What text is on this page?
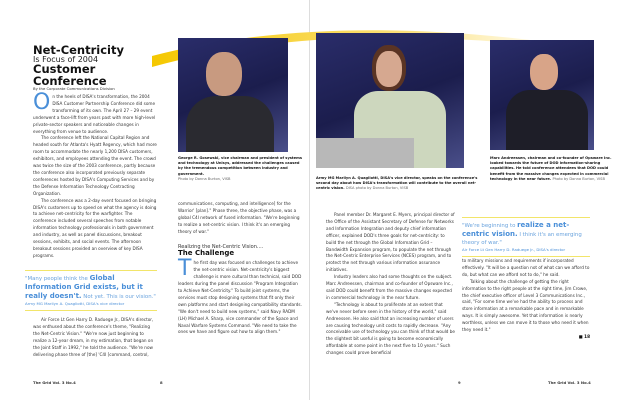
Net-Centricity
Is Focus of 2004
Customer Conference
By the Corporate Communications Division

On the heels of DISA's transformation, the 2004 DISA Customer Partnership Conference did some transforming of its own. The April 27 – 29 event underwent a face-lift from years past with more high-level private-sector speakers and noticeable changes in everything from venue to audience.

The conference left the National Capital Region and headed south for Atlanta's Hyatt Regency, which had more room to accommodate the nearly 1,200 DISA customers, exhibitors, and employees attending the event. The crowd was twice the size of the 2003 conference, partly because the conference also incorporated previously separate conferences hosted by DISA's Computing Services and by the Defense Information Technology Contracting Organization.

The conference was a 2-day event focused on bringing DISA's customers up to speed on what the agency is doing to achieve net-centricity for the warfighter. The conference included several speeches from notable information technology professionals in both government and industry, as well as panel discussions, breakout sessions, exhibits, and social events. The afternoon breakout sessions provided an overview of key DISA programs.

"Many people think the Global Information Grid exists, but it really doesn't. Not yet. This is our vision."
Army MG Marilyn A. Quagliotti, DISA's vice director

Air Force Lt Gen Harry D. Raduege Jr., DISA's director, was enthused about the conference's theme, "Realizing the Net-Centric Vision." "We're now just beginning to realize a 12-year dream, in my estimation, that began on the Joint Staff in 1992," he told the audience. "We're now delivering phase three of [the] 'C4I [command, control,

George R. Gosewski, vice chairman and president of systems and technology at Unisys, addressed the challenges caused by the tremendous competition between industry and government.
Photo by Donna Burton, VISB

communications, computing, and intelligence] for the Warrior' [plan]." Phase three, the objective phase, was a global C4I network of fused information. "We're beginning to realize a net-centric vision. I think it's an emerging theory of war."

Realizing the Net-Centric Vision....
The Challenge

The first day was focused on challenges to achieve the net-centric vision. Net-centricity's biggest challenge is more cultural than technical, said DOD leaders during the panel discussion "Program Integration to Achieve Net-Centricity." To build joint systems, the services must stop designing systems that fit only their own platforms and start designing compatibility standards. "We don't need to build new systems," said Navy RADM (LH) Michael A. Sharp, vice commander of the Space and Naval Warfare Systems Command. "We need to take the ones we have and figure out how to align them."

The Grid Vol. 3 No.4	8
Army MG Marilyn A. Quagliotti, DISA's vice director, speaks on the conference's second day about how DISA's transformation will contribute to the overall net-centric vision. DISA photo by Donna Burton, VISB
Marc Andreessen, chairman and co-founder of Opsware Inc. looked towards the future of DOD information-sharing capabilities. He told conference attendees that DOD could benefit from the massive changes expected in commercial technology in the near future. Photo by Donna Burton, VISB

Panel member Dr. Margaret E. Myers, principal director of the Office of the Assistant Secretary of Defense for Networks and Information Integration and deputy chief information officer, explained DOD's three goals for net-centricity: to build the net through the Global Information Grid – Bandwidth Expansion program, to populate the net through the Net-Centric Enterprise Services (NCES) program, and to protect the net through various information assurance initiatives.

Industry leaders also had some thoughts on the subject. Marc Andreessen, chairman and co-founder of Opsware Inc., said DOD could benefit from the massive changes expected in commercial technology in the near future.

"Technology is about to proliferate at an extent that we've never before seen in the history of the world," said Andreessen. He also said that an increasing number of users are causing technology unit costs to rapidly decrease. "Any conceivable use of technology you can think of that would be the slightest bit useful is going to become economically affordable at some point in the next five to 10 years." Such changes could prove beneficial

"We're beginning to realize a net-centric vision. I think it's an emerging theory of war."
Air Force Lt Gen Harry D. Raduege Jr., DISA's director

to military missions and requirements if incorporated effectively. "It will be a question not of what can we afford to do, but what can we afford not to do," he said.

Talking about the challenge of getting the right information to the right people at the right time, Jim Crowe, the chief executive officer of Level 3 Communications Inc., said, "For some time we've had the ability to process and store information at a remarkable pace and in remarkable ways. It is simply awesome. Yet that information is nearly worthless, unless we can move it to those who need it when they need it."

■ 18
9	The Grid Vol. 3 No.4
